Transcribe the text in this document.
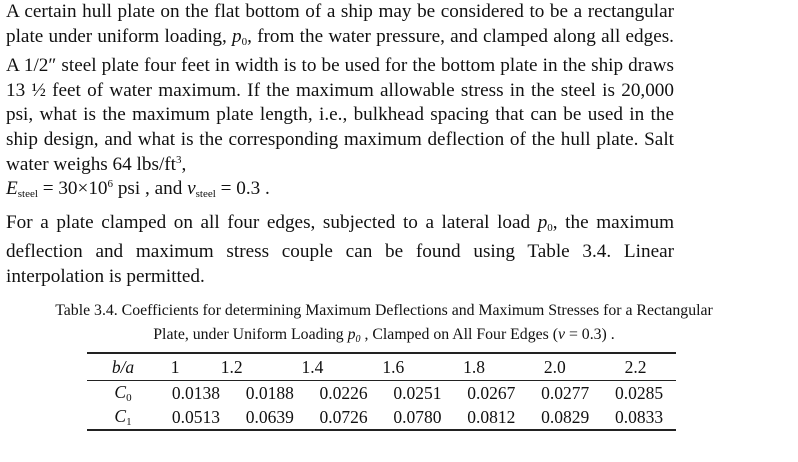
A certain hull plate on the flat bottom of a ship may be considered to be a rectangular plate under uniform loading, $p_0$, from the water pressure, and clamped along all edges. A 1/2″ steel plate four feet in width is to be used for the bottom plate in the ship draws 13 ½ feet of water maximum. If the maximum allowable stress in the steel is 20,000 psi, what is the maximum plate length, i.e., bulkhead spacing that can be used in the ship design, and what is the corresponding maximum deflection of the hull plate. Salt water weighs 64 lbs/$ft^3$,

$E_{steel} = 30\times 10^6$ psi , and $\nu_{steel} = 0.3$ .

For a plate clamped on all four edges, subjected to a lateral load $p_0$, the maximum deflection and maximum stress couple can be found using Table 3.4. Linear interpolation is permitted.

Table 3.4. Coefficients for determining Maximum Deflections and Maximum Stresses for a Rectangular
Plate, under Uniform Loading $p_0$ , Clamped on All Four Edges (ν = 0.3) .
b/a	1	1.2	1.4	1.6	1.8	2.0	2.2
$C_0$	0.0138	0.0188	0.0226	0.0251	0.0267	0.0277	0.0285
$C_1$	0.0513	0.0639	0.0726	0.0780	0.0812	0.0829	0.0833
